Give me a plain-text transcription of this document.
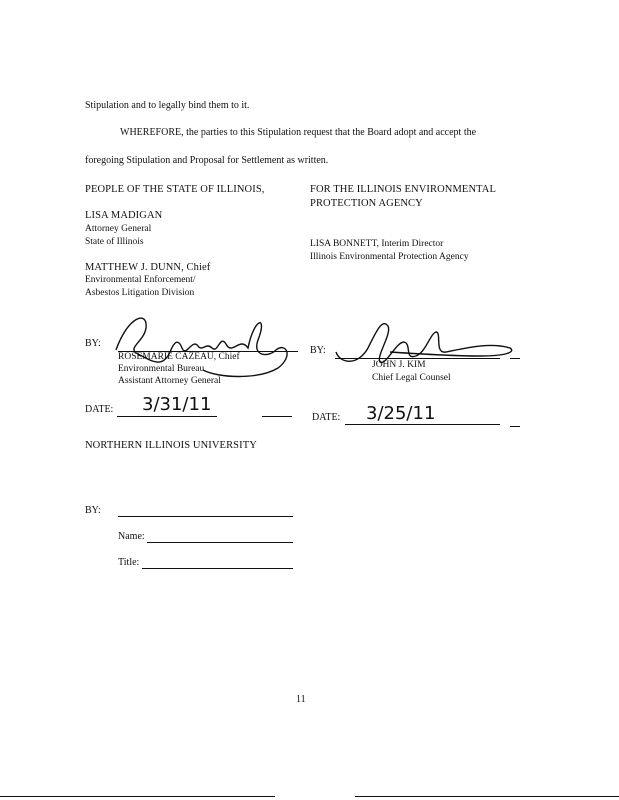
Stipulation and to legally bind them to it.
WHEREFORE, the parties to this Stipulation request that the Board adopt and accept the
foregoing Stipulation and Proposal for Settlement as written.
PEOPLE OF THE STATE OF ILLINOIS,
LISA MADIGAN
Attorney General
State of Illinois
MATTHEW J. DUNN, Chief
Environmental Enforcement/
Asbestos Litigation Division
BY:
ROSEMARIE CAZEAU, Chief
Environmental Bureau
Assistant Attorney General
DATE: 3/31/11
FOR THE ILLINOIS ENVIRONMENTAL
PROTECTION AGENCY
LISA BONNETT, Interim Director
Illinois Environmental Protection Agency
BY:
JOHN J. KIM
Chief Legal Counsel
DATE: 3/25/11
NORTHERN ILLINOIS UNIVERSITY
BY:
Name:
Title:
11
